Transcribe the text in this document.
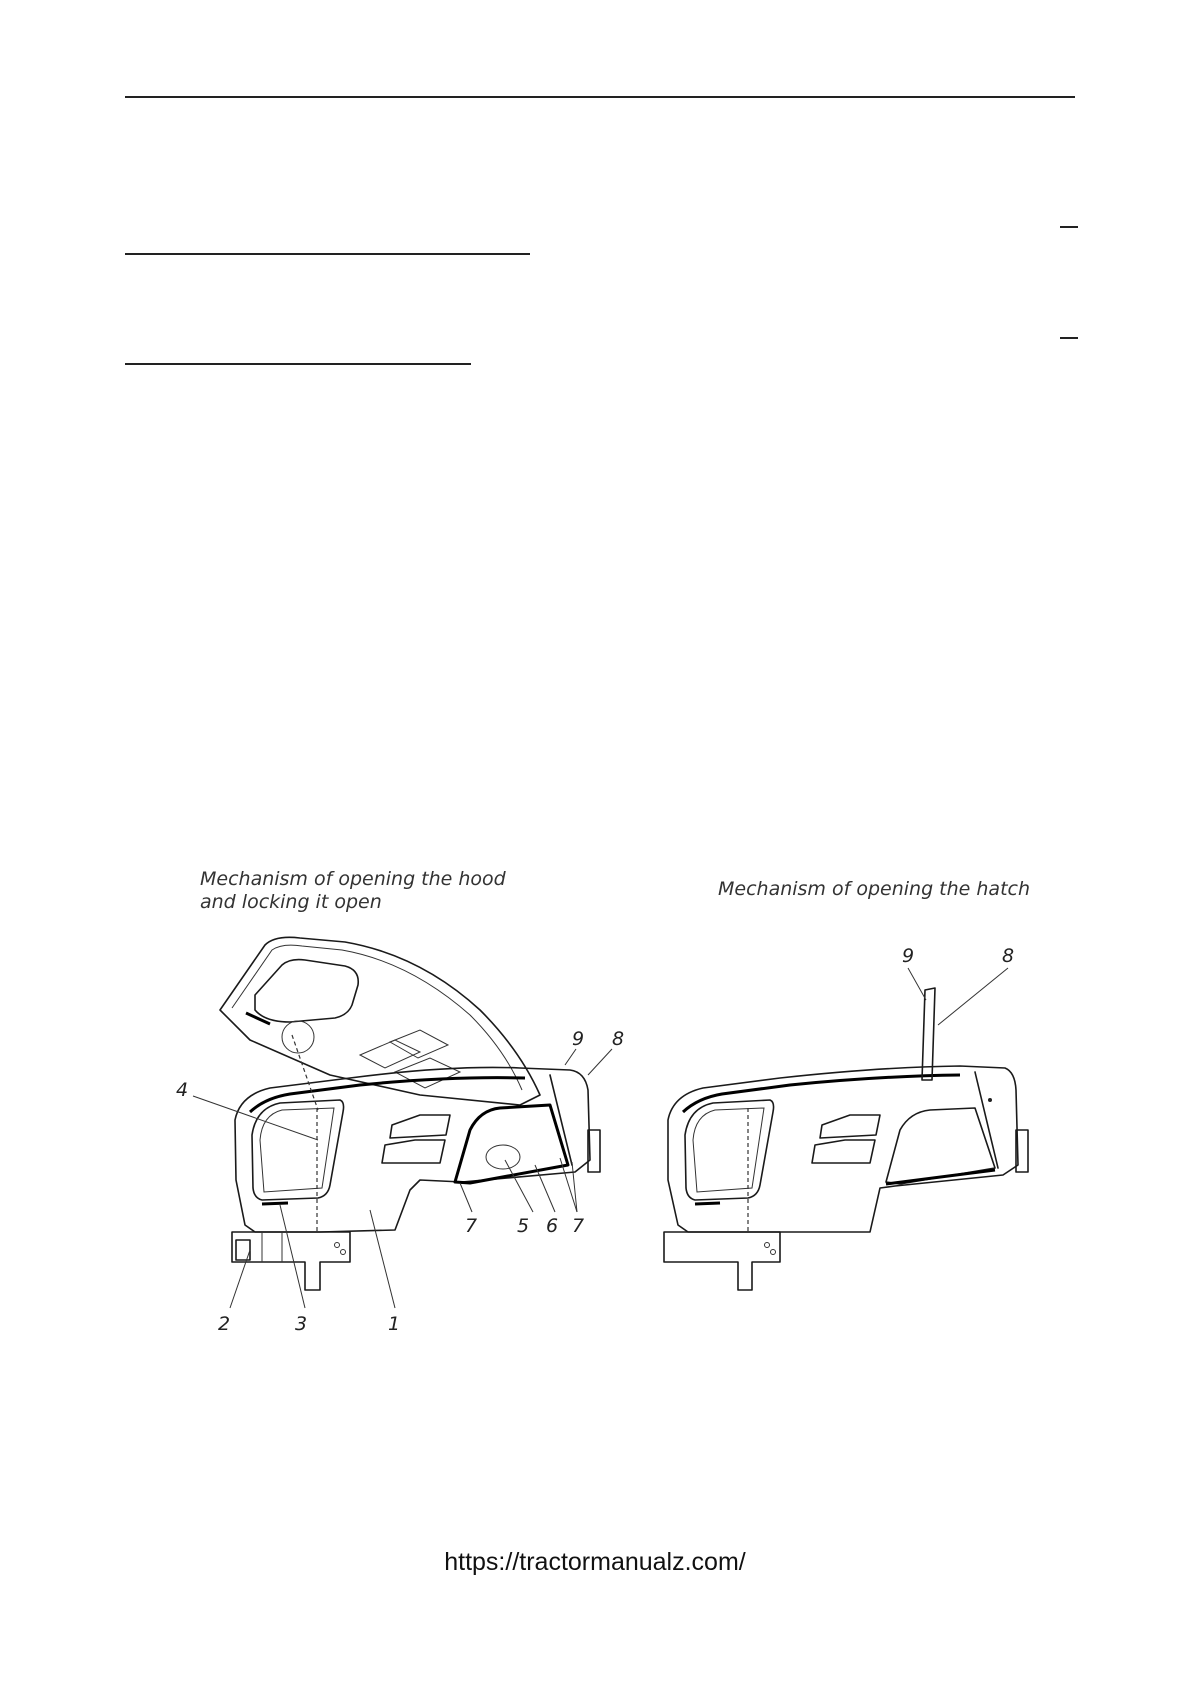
Mechanism of opening the hood
and locking it open
Mechanism of opening the hatch
4
2	3	1
7 5 6 7
9 8
9	8
https://tractormanualz.com/
